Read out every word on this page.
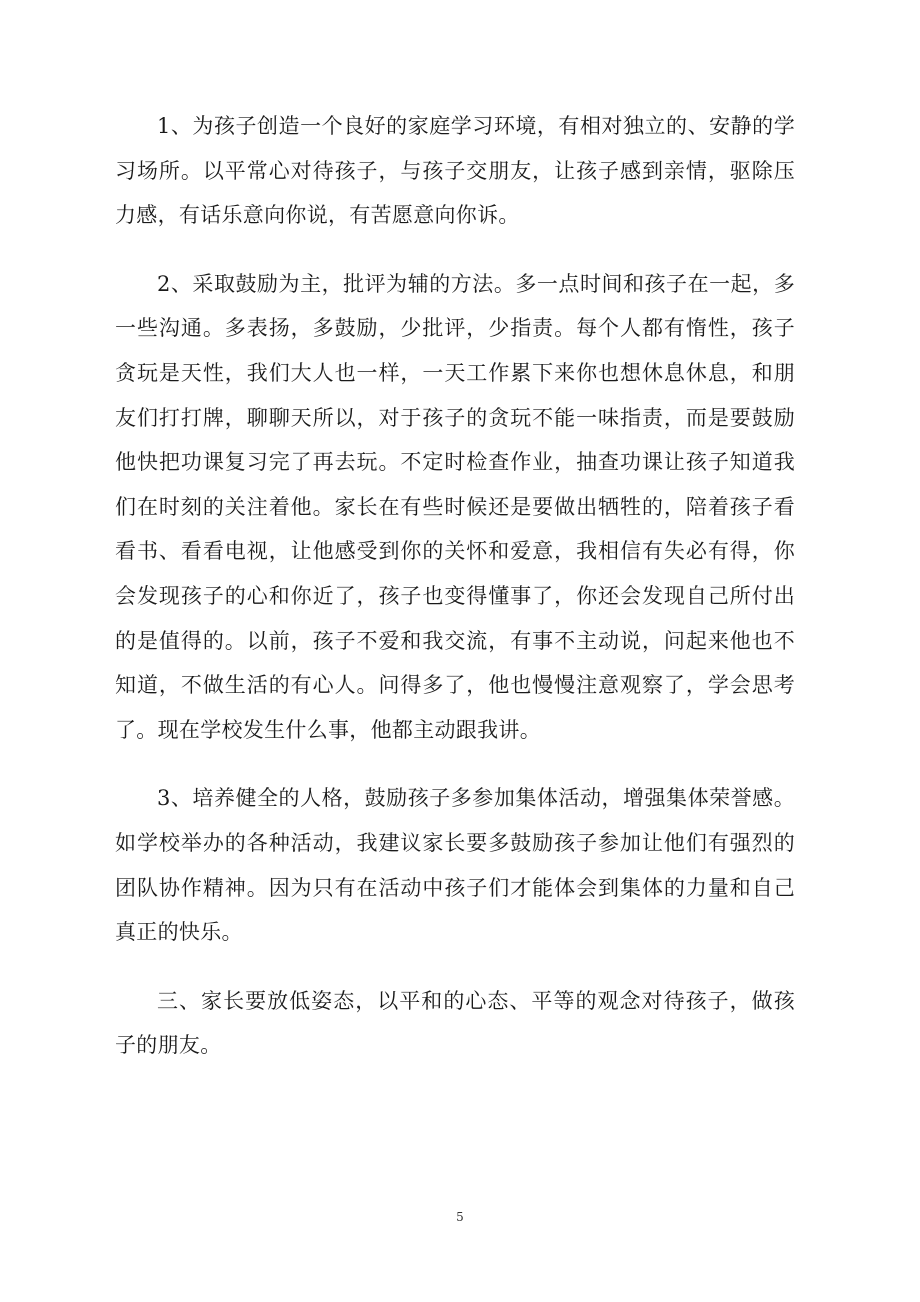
1、为孩子创造一个良好的家庭学习环境，有相对独立的、安静的学习场所。以平常心对待孩子，与孩子交朋友，让孩子感到亲情，驱除压力感，有话乐意向你说，有苦愿意向你诉。

2、采取鼓励为主，批评为辅的方法。多一点时间和孩子在一起，多一些沟通。多表扬，多鼓励，少批评，少指责。每个人都有惰性，孩子贪玩是天性，我们大人也一样，一天工作累下来你也想休息休息，和朋友们打打牌，聊聊天所以，对于孩子的贪玩不能一味指责，而是要鼓励他快把功课复习完了再去玩。不定时检查作业，抽查功课让孩子知道我们在时刻的关注着他。家长在有些时候还是要做出牺牲的，陪着孩子看看书、看看电视，让他感受到你的关怀和爱意，我相信有失必有得，你会发现孩子的心和你近了，孩子也变得懂事了，你还会发现自己所付出的是值得的。以前，孩子不爱和我交流，有事不主动说，问起来他也不知道，不做生活的有心人。问得多了，他也慢慢注意观察了，学会思考了。现在学校发生什么事，他都主动跟我讲。

3、培养健全的人格，鼓励孩子多参加集体活动，增强集体荣誉感。如学校举办的各种活动，我建议家长要多鼓励孩子参加让他们有强烈的团队协作精神。因为只有在活动中孩子们才能体会到集体的力量和自己真正的快乐。

三、家长要放低姿态，以平和的心态、平等的观念对待孩子，做孩子的朋友。

5
